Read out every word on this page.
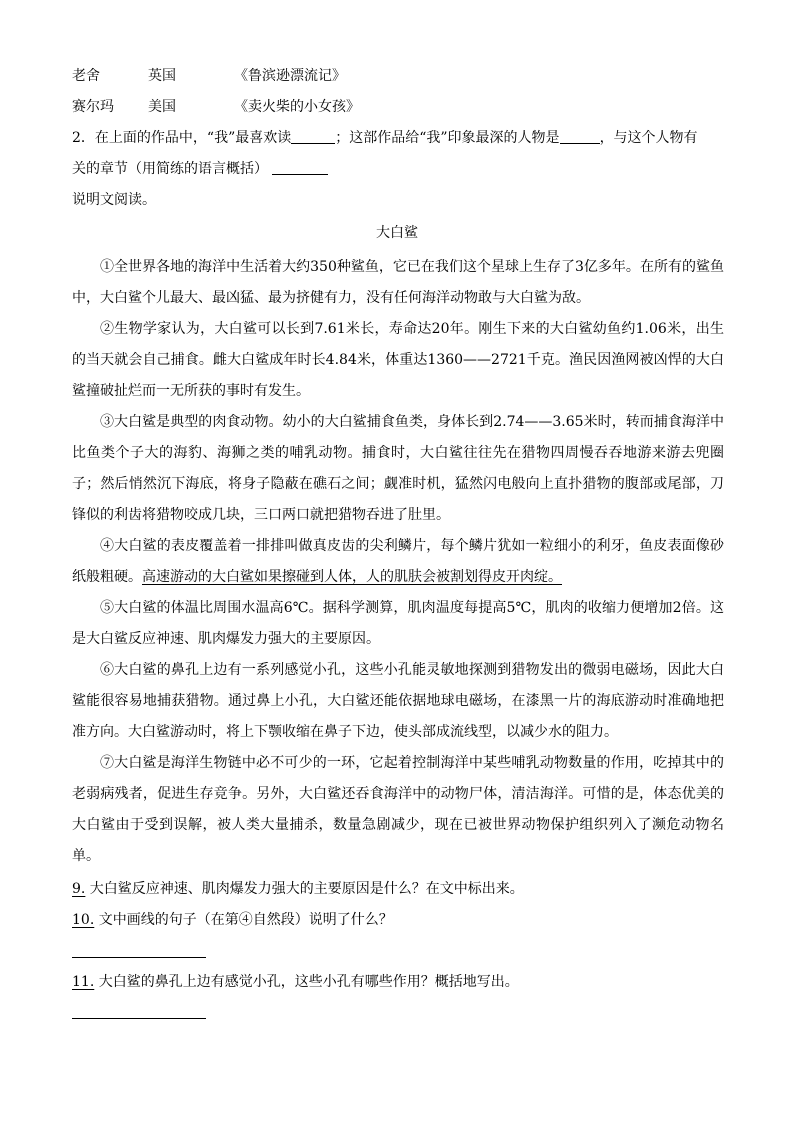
老舍	英国	《鲁滨逊漂流记》
赛尔玛 美国	《卖火柴的小女孩》
2．在上面的作品中，“我”最喜欢读	；这部作品给“我”印象最深的人物是	，与这个人物有
关的章节（用简练的语言概括）
说明文阅读。
大白鲨
①全世界各地的海洋中生活着大约350种鲨鱼，它已在我们这个星球上生存了3亿多年。在所有的鲨鱼中，大白鲨个儿最大、最凶猛、最为挤健有力，没有任何海洋动物敢与大白鲨为敌。
②生物学家认为，大白鲨可以长到7.61米长，寿命达20年。刚生下来的大白鲨幼鱼约1.06米，出生的当天就会自己捕食。雌大白鲨成年时长4.84米，体重达1360——2721千克。渔民因渔网被凶悍的大白鲨撞破扯烂而一无所获的事时有发生。
③大白鲨是典型的肉食动物。幼小的大白鲨捕食鱼类，身体长到2.74——3.65米时，转而捕食海洋中比鱼类个子大的海豹、海狮之类的哺乳动物。捕食时，大白鲨往往先在猎物四周慢吞吞地游来游去兜圈子；然后悄然沉下海底，将身子隐蔽在礁石之间；觑准时机，猛然闪电般向上直扑猎物的腹部或尾部，刀锋似的利齿将猎物咬成几块，三口两口就把猎物吞进了肚里。
④大白鲨的表皮覆盖着一排排叫做真皮齿的尖利鳞片，每个鳞片犹如一粒细小的利牙，鱼皮表面像砂纸般粗硬。高速游动的大白鲨如果擦碰到人体，人的肌肤会被割划得皮开肉绽。
⑤大白鲨的体温比周围水温高6℃。据科学测算，肌肉温度每提高5℃，肌肉的收缩力便增加2倍。这是大白鲨反应神速、肌肉爆发力强大的主要原因。
⑥大白鲨的鼻孔上边有一系列感觉小孔，这些小孔能灵敏地探测到猎物发出的微弱电磁场，因此大白鲨能很容易地捕获猎物。通过鼻上小孔，大白鲨还能依据地球电磁场，在漆黑一片的海底游动时准确地把准方向。大白鲨游动时，将上下颚收缩在鼻子下边，使头部成流线型，以减少水的阻力。
⑦大白鲨是海洋生物链中必不可少的一环，它起着控制海洋中某些哺乳动物数量的作用，吃掉其中的老弱病残者，促进生存竞争。另外，大白鲨还吞食海洋中的动物尸体，清洁海洋。可惜的是，体态优美的大白鲨由于受到误解，被人类大量捕杀，数量急剧减少，现在已被世界动物保护组织列入了濒危动物名单。
9. 大白鲨反应神速、肌肉爆发力强大的主要原因是什么？在文中标出来。
10. 文中画线的句子（在第④自然段）说明了什么？
11. 大白鲨的鼻孔上边有感觉小孔，这些小孔有哪些作用？概括地写出。
